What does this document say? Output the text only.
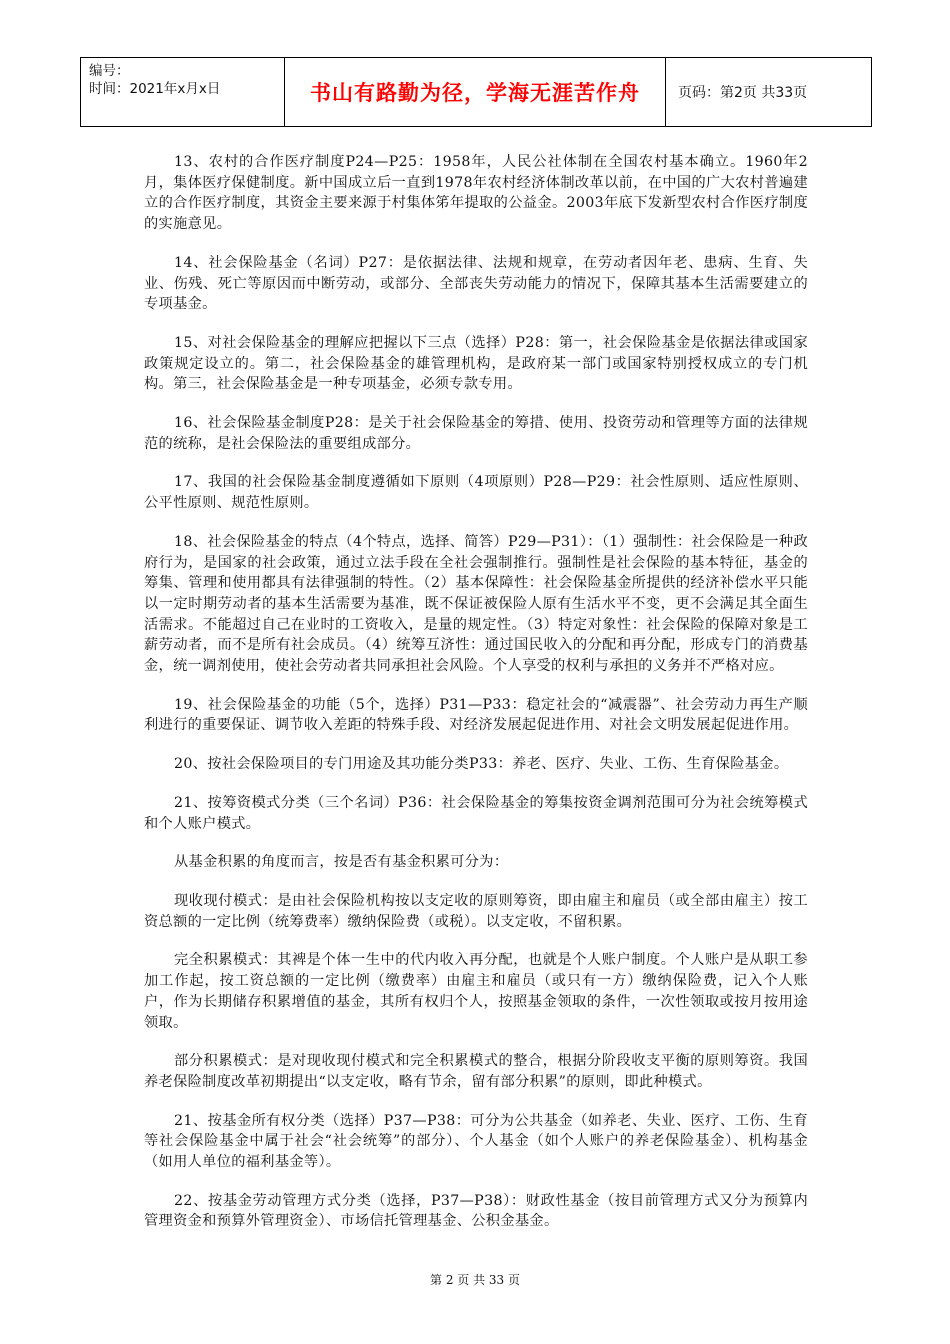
编号：
时间：2021年x月x日	书山有路勤为径，学海无涯苦作舟	页码：第2页 共33页

13、农村的合作医疗制度P24—P25：1958年，人民公社体制在全国农村基本确立。1960年2月，集体医疗保健制度。新中国成立后一直到1978年农村经济体制改革以前，在中国的广大农村普遍建立的合作医疗制度，其资金主要来源于村集体笫年提取的公益金。2003年底下发新型农村合作医疗制度的实施意见。

14、社会保险基金（名词）P27：是依据法律、法规和规章，在劳动者因年老、患病、生育、失业、伤残、死亡等原因而中断劳动，或部分、全部丧失劳动能力的情况下，保障其基本生活需要建立的专项基金。

15、对社会保险基金的理解应把握以下三点（选择）P28：第一，社会保险基金是依据法律或国家政策规定设立的。第二，社会保险基金的雄管理机构，是政府某一部门或国家特别授权成立的专门机构。第三，社会保险基金是一种专项基金，必须专款专用。

16、社会保险基金制度P28：是关于社会保险基金的筹措、使用、投资劳动和管理等方面的法律规范的统称，是社会保险法的重要组成部分。

17、我国的社会保险基金制度遵循如下原则（4项原则）P28—P29：社会性原则、适应性原则、公平性原则、规范性原则。

18、社会保险基金的特点（4个特点，选择、简答）P29—P31）：（1）强制性：社会保险是一种政府行为，是国家的社会政策，通过立法手段在全社会强制推行。强制性是社会保险的基本特征，基金的筹集、管理和使用都具有法律强制的特性。（2）基本保障性：社会保险基金所提供的经济补偿水平只能以一定时期劳动者的基本生活需要为基准，既不保证被保险人原有生活水平不变，更不会满足其全面生活需求。不能超过自己在业时的工资收入，是量的规定性。（3）特定对象性：社会保险的保障对象是工薪劳动者，而不是所有社会成员。（4）统筹互济性：通过国民收入的分配和再分配，形成专门的消费基金，统一调剂使用，使社会劳动者共同承担社会风险。个人享受的权利与承担的义务并不严格对应。

19、社会保险基金的功能（5个，选择）P31—P33：稳定社会的“减震器”、社会劳动力再生产顺利进行的重要保证、调节收入差距的特殊手段、对经济发展起促进作用、对社会文明发展起促进作用。

20、按社会保险项目的专门用途及其功能分类P33：养老、医疗、失业、工伤、生育保险基金。

21、按筹资模式分类（三个名词）P36：社会保险基金的筹集按资金调剂范围可分为社会统筹模式和个人账户模式。

从基金积累的角度而言，按是否有基金积累可分为：

现收现付模式：是由社会保险机构按以支定收的原则筹资，即由雇主和雇员（或全部由雇主）按工资总额的一定比例（统筹费率）缴纳保险费（或税）。以支定收，不留积累。

完全积累模式：其裨是个体一生中的代内收入再分配，也就是个人账户制度。个人账户是从职工参加工作起，按工资总额的一定比例（缴费率）由雇主和雇员（或只有一方）缴纳保险费，记入个人账户，作为长期储存积累增值的基金，其所有权归个人，按照基金领取的条件，一次性领取或按月按用途领取。

部分积累模式：是对现收现付模式和完全积累模式的整合，根据分阶段收支平衡的原则筹资。我国养老保险制度改革初期提出“以支定收，略有节余，留有部分积累”的原则，即此种模式。

21、按基金所有权分类（选择）P37—P38：可分为公共基金（如养老、失业、医疗、工伤、生育等社会保险基金中属于社会“社会统筹”的部分）、个人基金（如个人账户的养老保险基金）、机构基金（如用人单位的福利基金等）。

22、按基金劳动管理方式分类（选择，P37—P38）：财政性基金（按目前管理方式又分为预算内管理资金和预算外管理资金）、市场信托管理基金、公积金基金。

第 2 页 共 33 页
